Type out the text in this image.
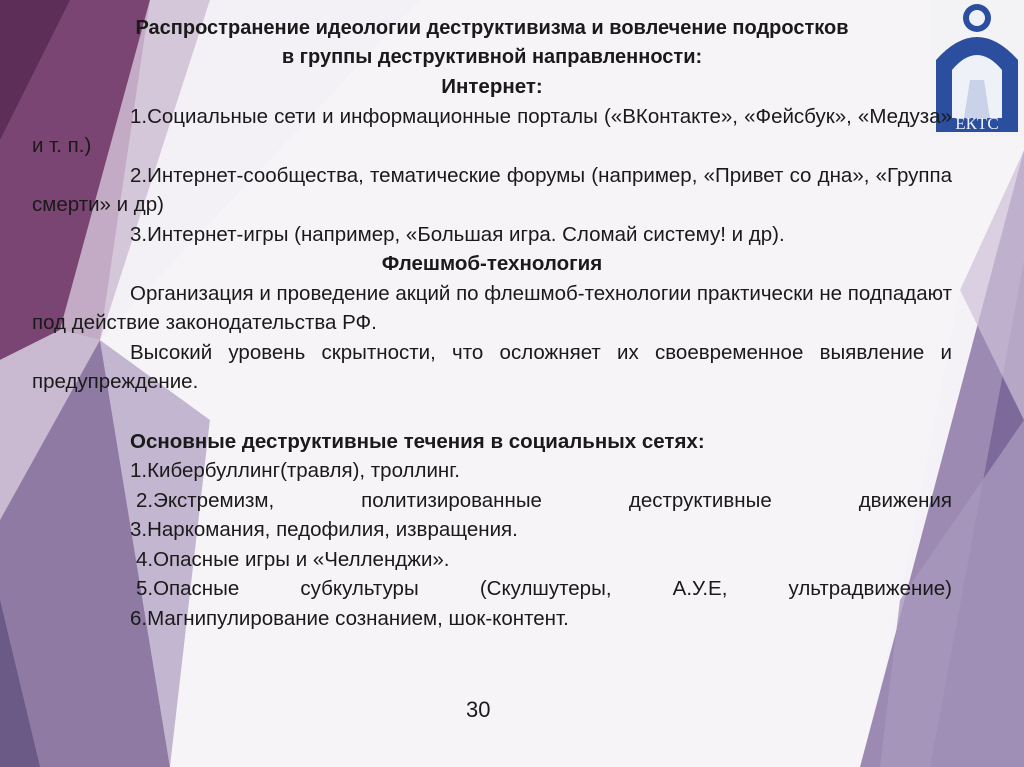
ЕКТС
Распространение идеологии деструктивизма и вовлечение подростков
в группы деструктивной направленности:
Интернет:
1.Социальные сети и информационные порталы («ВКонтакте», «Фейсбук», «Медуза» и т. п.)
2.Интернет-сообщества, тематические форумы (например, «Привет со дна», «Группа смерти» и др)
3.Интернет-игры (например, «Большая игра. Сломай систему! и др).
Флешмоб-технология
Организация и проведение акций по флешмоб-технологии практически не подпадают под действие законодательства РФ.
Высокий уровень скрытности, что осложняет их своевременное выявление и предупреждение.
Основные деструктивные течения в социальных сетях:
1.Кибербуллинг(травля), троллинг.
2.Экстремизм, политизированные деструктивные движения
3.Наркомания, педофилия, извращения.
4.Опасные игры и «Челленджи».
5.Опасные субкультуры (Скулшутеры, А.У.Е, ультрадвижение)
6.Магнипулирование сознанием, шок-контент.
30
